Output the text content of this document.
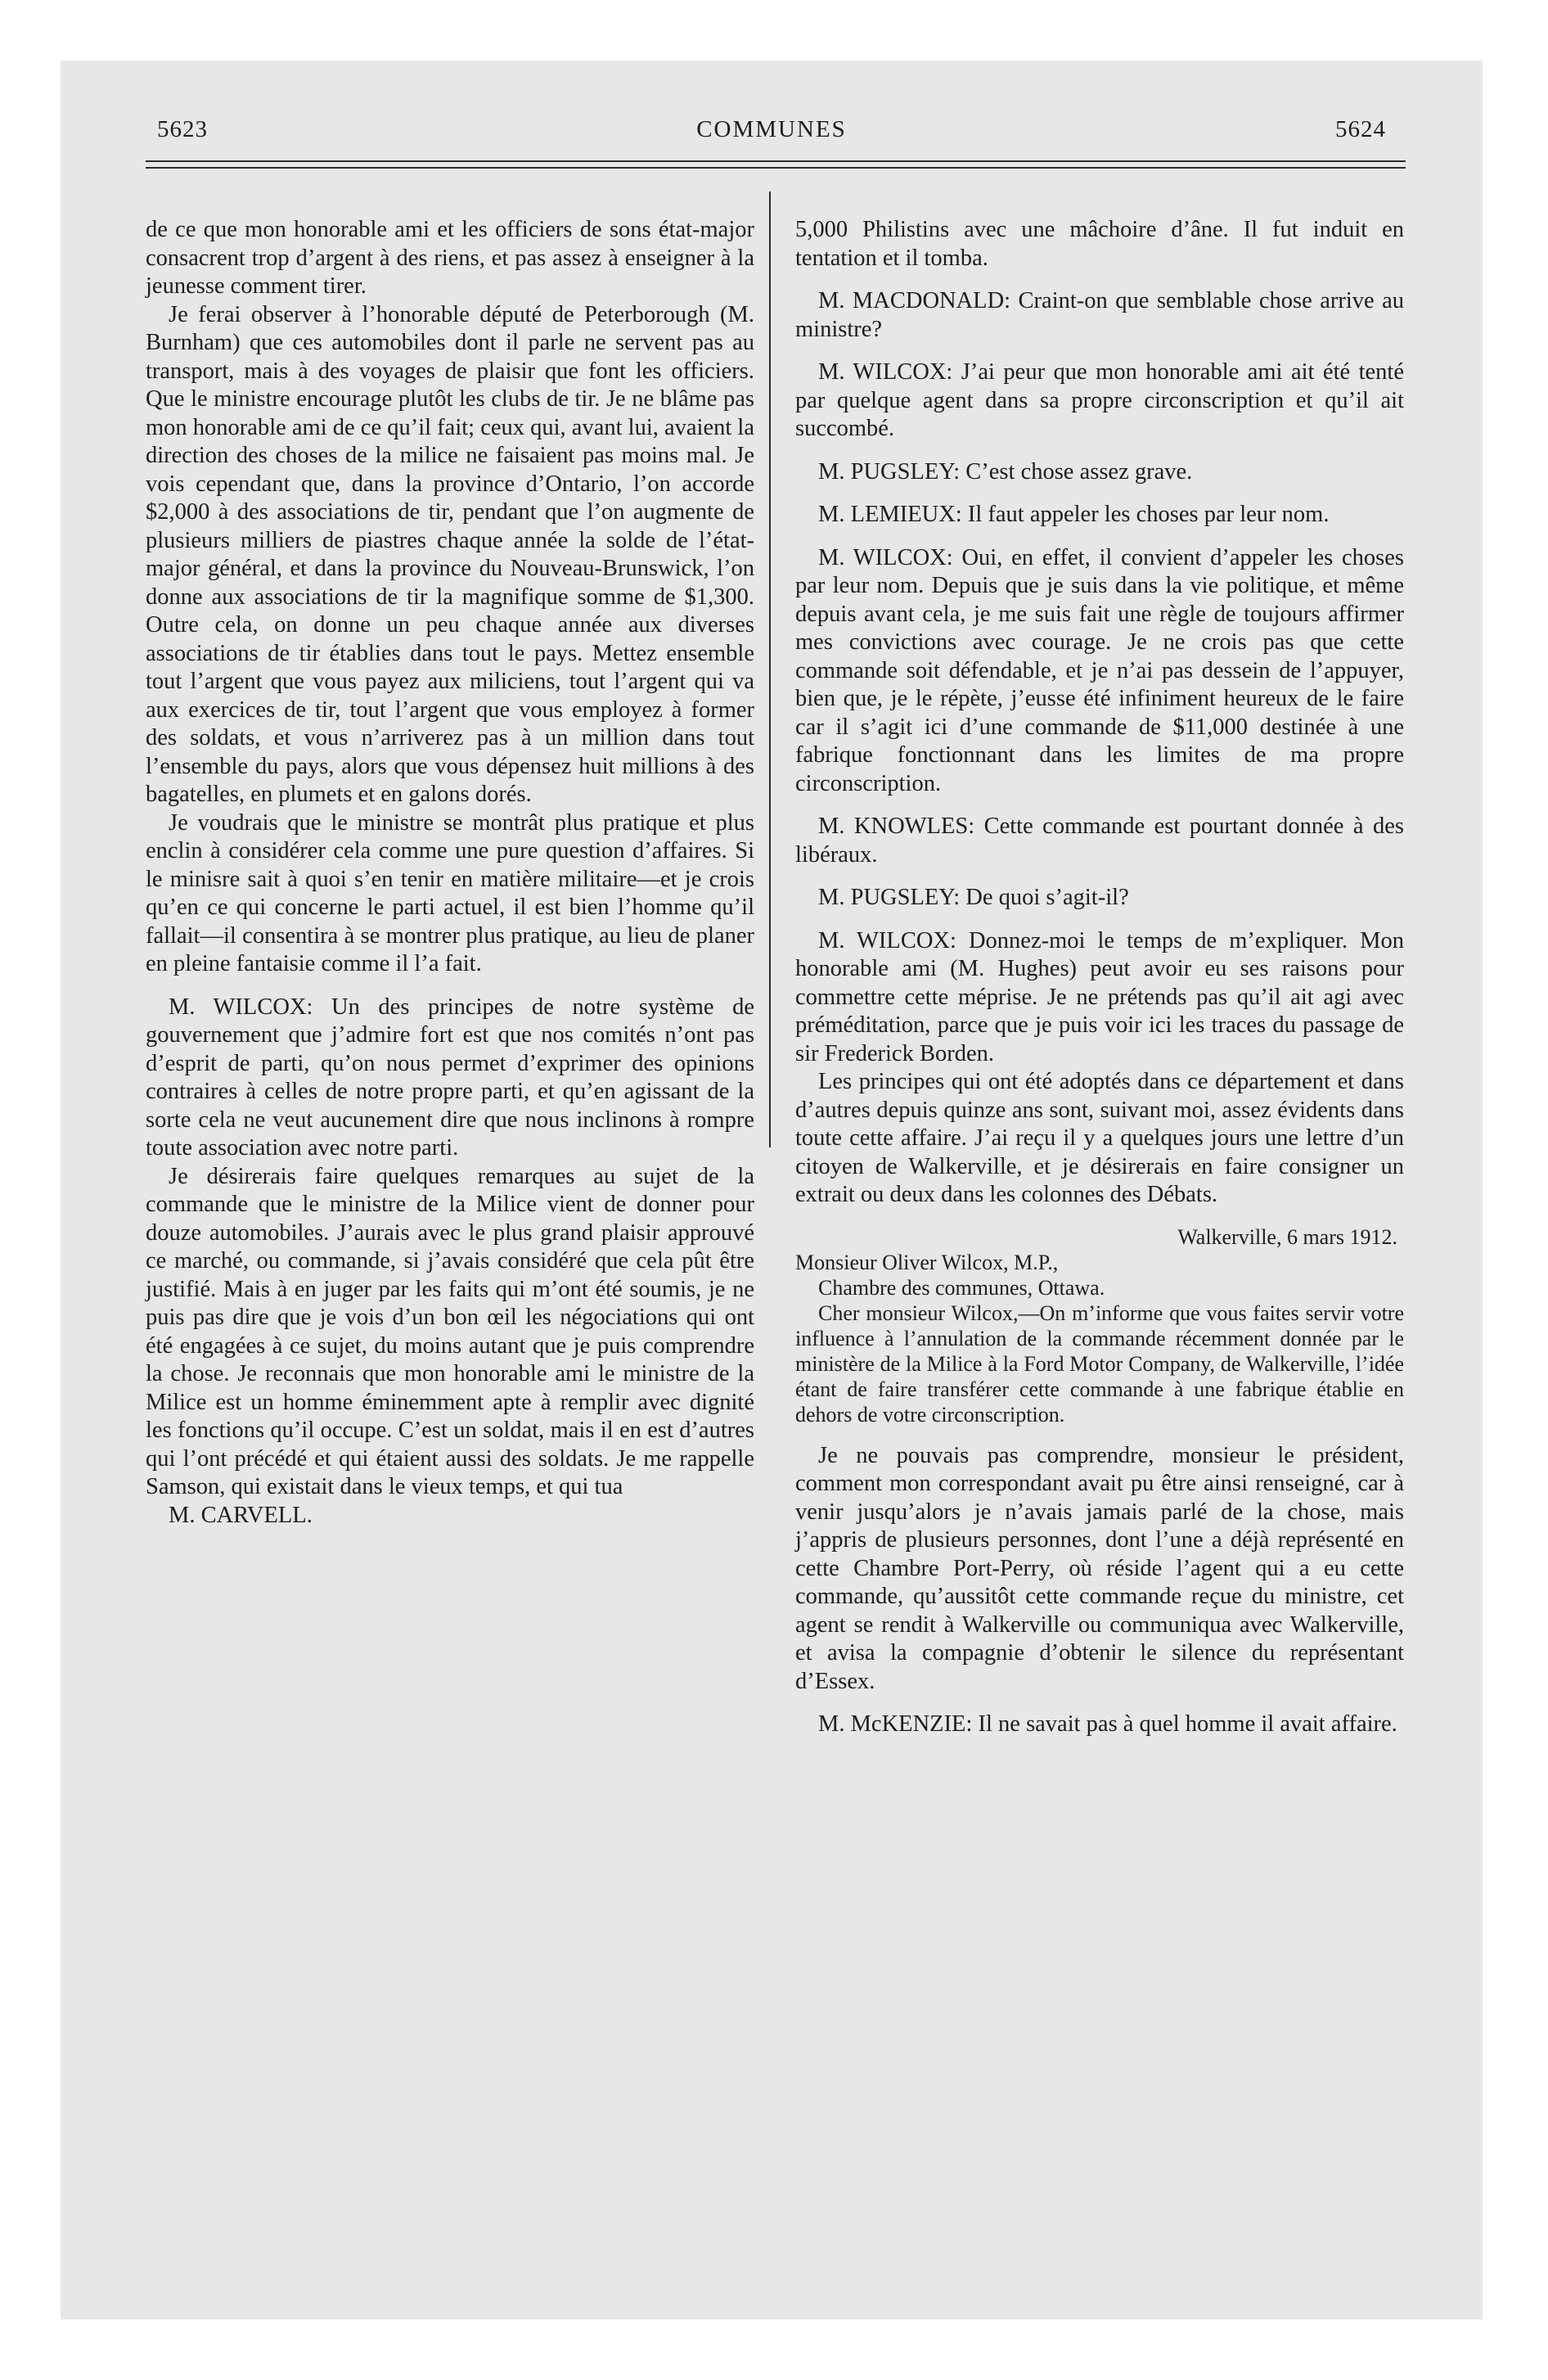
5623	COMMUNES	5624

de ce que mon honorable ami et les officiers de sons état-major consacrent trop d’argent à des riens, et pas assez à enseigner à la jeunesse comment tirer.

Je ferai observer à l’honorable député de Peterborough (M. Burnham) que ces automobiles dont il parle ne servent pas au transport, mais à des voyages de plaisir que font les officiers. Que le ministre encourage plutôt les clubs de tir. Je ne blâme pas mon honorable ami de ce qu’il fait; ceux qui, avant lui, avaient la direction des choses de la milice ne faisaient pas moins mal. Je vois cependant que, dans la province d’Ontario, l’on accorde $2,000 à des associations de tir, pendant que l’on augmente de plusieurs milliers de piastres chaque année la solde de l’état-major général, et dans la province du Nouveau-Brunswick, l’on donne aux associations de tir la magnifique somme de $1,300. Outre cela, on donne un peu chaque année aux diverses associations de tir établies dans tout le pays. Mettez ensemble tout l’argent que vous payez aux miliciens, tout l’argent qui va aux exercices de tir, tout l’argent que vous employez à former des soldats, et vous n’arriverez pas à un million dans tout l’ensemble du pays, alors que vous dépensez huit millions à des bagatelles, en plumets et en galons dorés.

Je voudrais que le ministre se montrât plus pratique et plus enclin à considérer cela comme une pure question d’affaires. Si le minisre sait à quoi s’en tenir en matière militaire—et je crois qu’en ce qui concerne le parti actuel, il est bien l’homme qu’il fallait—il consentira à se montrer plus pratique, au lieu de planer en pleine fantaisie comme il l’a fait.

M. WILCOX: Un des principes de notre système de gouvernement que j’admire fort est que nos comités n’ont pas d’esprit de parti, qu’on nous permet d’exprimer des opinions contraires à celles de notre propre parti, et qu’en agissant de la sorte cela ne veut aucunement dire que nous inclinons à rompre toute association avec notre parti.

Je désirerais faire quelques remarques au sujet de la commande que le ministre de la Milice vient de donner pour douze automobiles. J’aurais avec le plus grand plaisir approuvé ce marché, ou commande, si j’avais considéré que cela pût être justifié. Mais à en juger par les faits qui m’ont été soumis, je ne puis pas dire que je vois d’un bon œil les négociations qui ont été engagées à ce sujet, du moins autant que je puis comprendre la chose. Je reconnais que mon honorable ami le ministre de la Milice est un homme éminemment apte à remplir avec dignité les fonctions qu’il occupe. C’est un soldat, mais il en est d’autres qui l’ont précédé et qui étaient aussi des soldats. Je me rappelle Samson, qui existait dans le vieux temps, et qui tua

M. CARVELL.

5,000 Philistins avec une mâchoire d’âne. Il fut induit en tentation et il tomba.

M. MACDONALD: Craint-on que semblable chose arrive au ministre?

M. WILCOX: J’ai peur que mon honorable ami ait été tenté par quelque agent dans sa propre circonscription et qu’il ait succombé.

M. PUGSLEY: C’est chose assez grave.

M. LEMIEUX: Il faut appeler les choses par leur nom.

M. WILCOX: Oui, en effet, il convient d’appeler les choses par leur nom. Depuis que je suis dans la vie politique, et même depuis avant cela, je me suis fait une règle de toujours affirmer mes convictions avec courage. Je ne crois pas que cette commande soit défendable, et je n’ai pas dessein de l’appuyer, bien que, je le répète, j’eusse été infiniment heureux de le faire car il s’agit ici d’une commande de $11,000 destinée à une fabrique fonctionnant dans les limites de ma propre circonscription.

M. KNOWLES: Cette commande est pourtant donnée à des libéraux.

M. PUGSLEY: De quoi s’agit-il?

M. WILCOX: Donnez-moi le temps de m’expliquer. Mon honorable ami (M. Hughes) peut avoir eu ses raisons pour commettre cette méprise. Je ne prétends pas qu’il ait agi avec préméditation, parce que je puis voir ici les traces du passage de sir Frederick Borden.

Les principes qui ont été adoptés dans ce département et dans d’autres depuis quinze ans sont, suivant moi, assez évidents dans toute cette affaire. J’ai reçu il y a quelques jours une lettre d’un citoyen de Walkerville, et je désirerais en faire consigner un extrait ou deux dans les colonnes des Débats.

Walkerville, 6 mars 1912.

Monsieur Oliver Wilcox, M.P.,

Chambre des communes, Ottawa.

Cher monsieur Wilcox,—On m’informe que vous faites servir votre influence à l’annulation de la commande récemment donnée par le ministère de la Milice à la Ford Motor Company, de Walkerville, l’idée étant de faire transférer cette commande à une fabrique établie en dehors de votre circonscription.

Je ne pouvais pas comprendre, monsieur le président, comment mon correspondant avait pu être ainsi renseigné, car à venir jusqu’alors je n’avais jamais parlé de la chose, mais j’appris de plusieurs personnes, dont l’une a déjà représenté en cette Chambre Port-Perry, où réside l’agent qui a eu cette commande, qu’aussitôt cette commande reçue du ministre, cet agent se rendit à Walkerville ou communiqua avec Walkerville, et avisa la compagnie d’obtenir le silence du représentant d’Essex.

M. McKENZIE: Il ne savait pas à quel homme il avait affaire.
